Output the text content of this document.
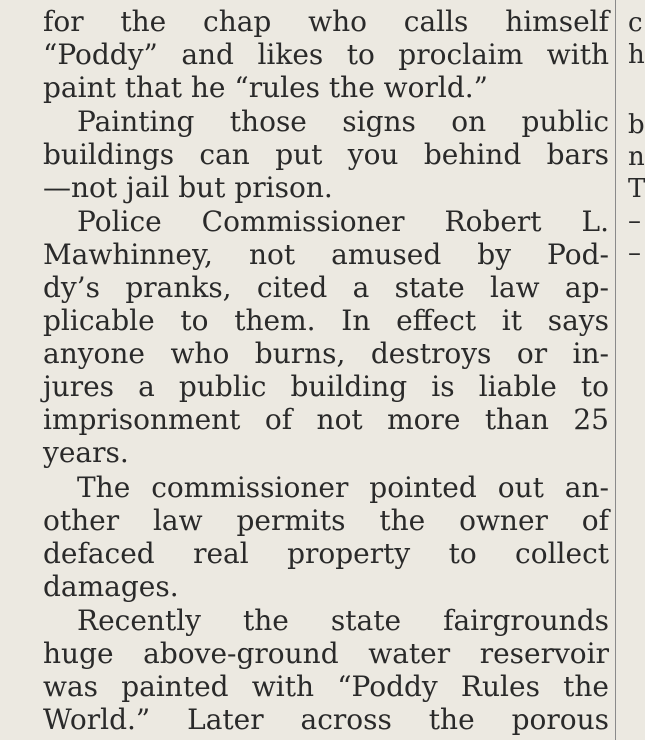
for the chap who calls himself
“Poddy” and likes to proclaim with
paint that he “rules the world.”
Painting those signs on public
buildings can put you behind bars
—not jail but prison.
Police Commissioner Robert L.
Mawhinney, not amused by Pod-
dy’s pranks, cited a state law ap-
plicable to them. In effect it says
anyone who burns, destroys or in-
jures a public building is liable to
imprisonment of not more than 25
years.
The commissioner pointed out an-
other law permits the owner of
defaced real property to collect
damages.
Recently the state fairgrounds
huge above-ground water reservoir
was painted with “Poddy Rules the
World.” Later across the porous
c
h
b
n
T
–
–
